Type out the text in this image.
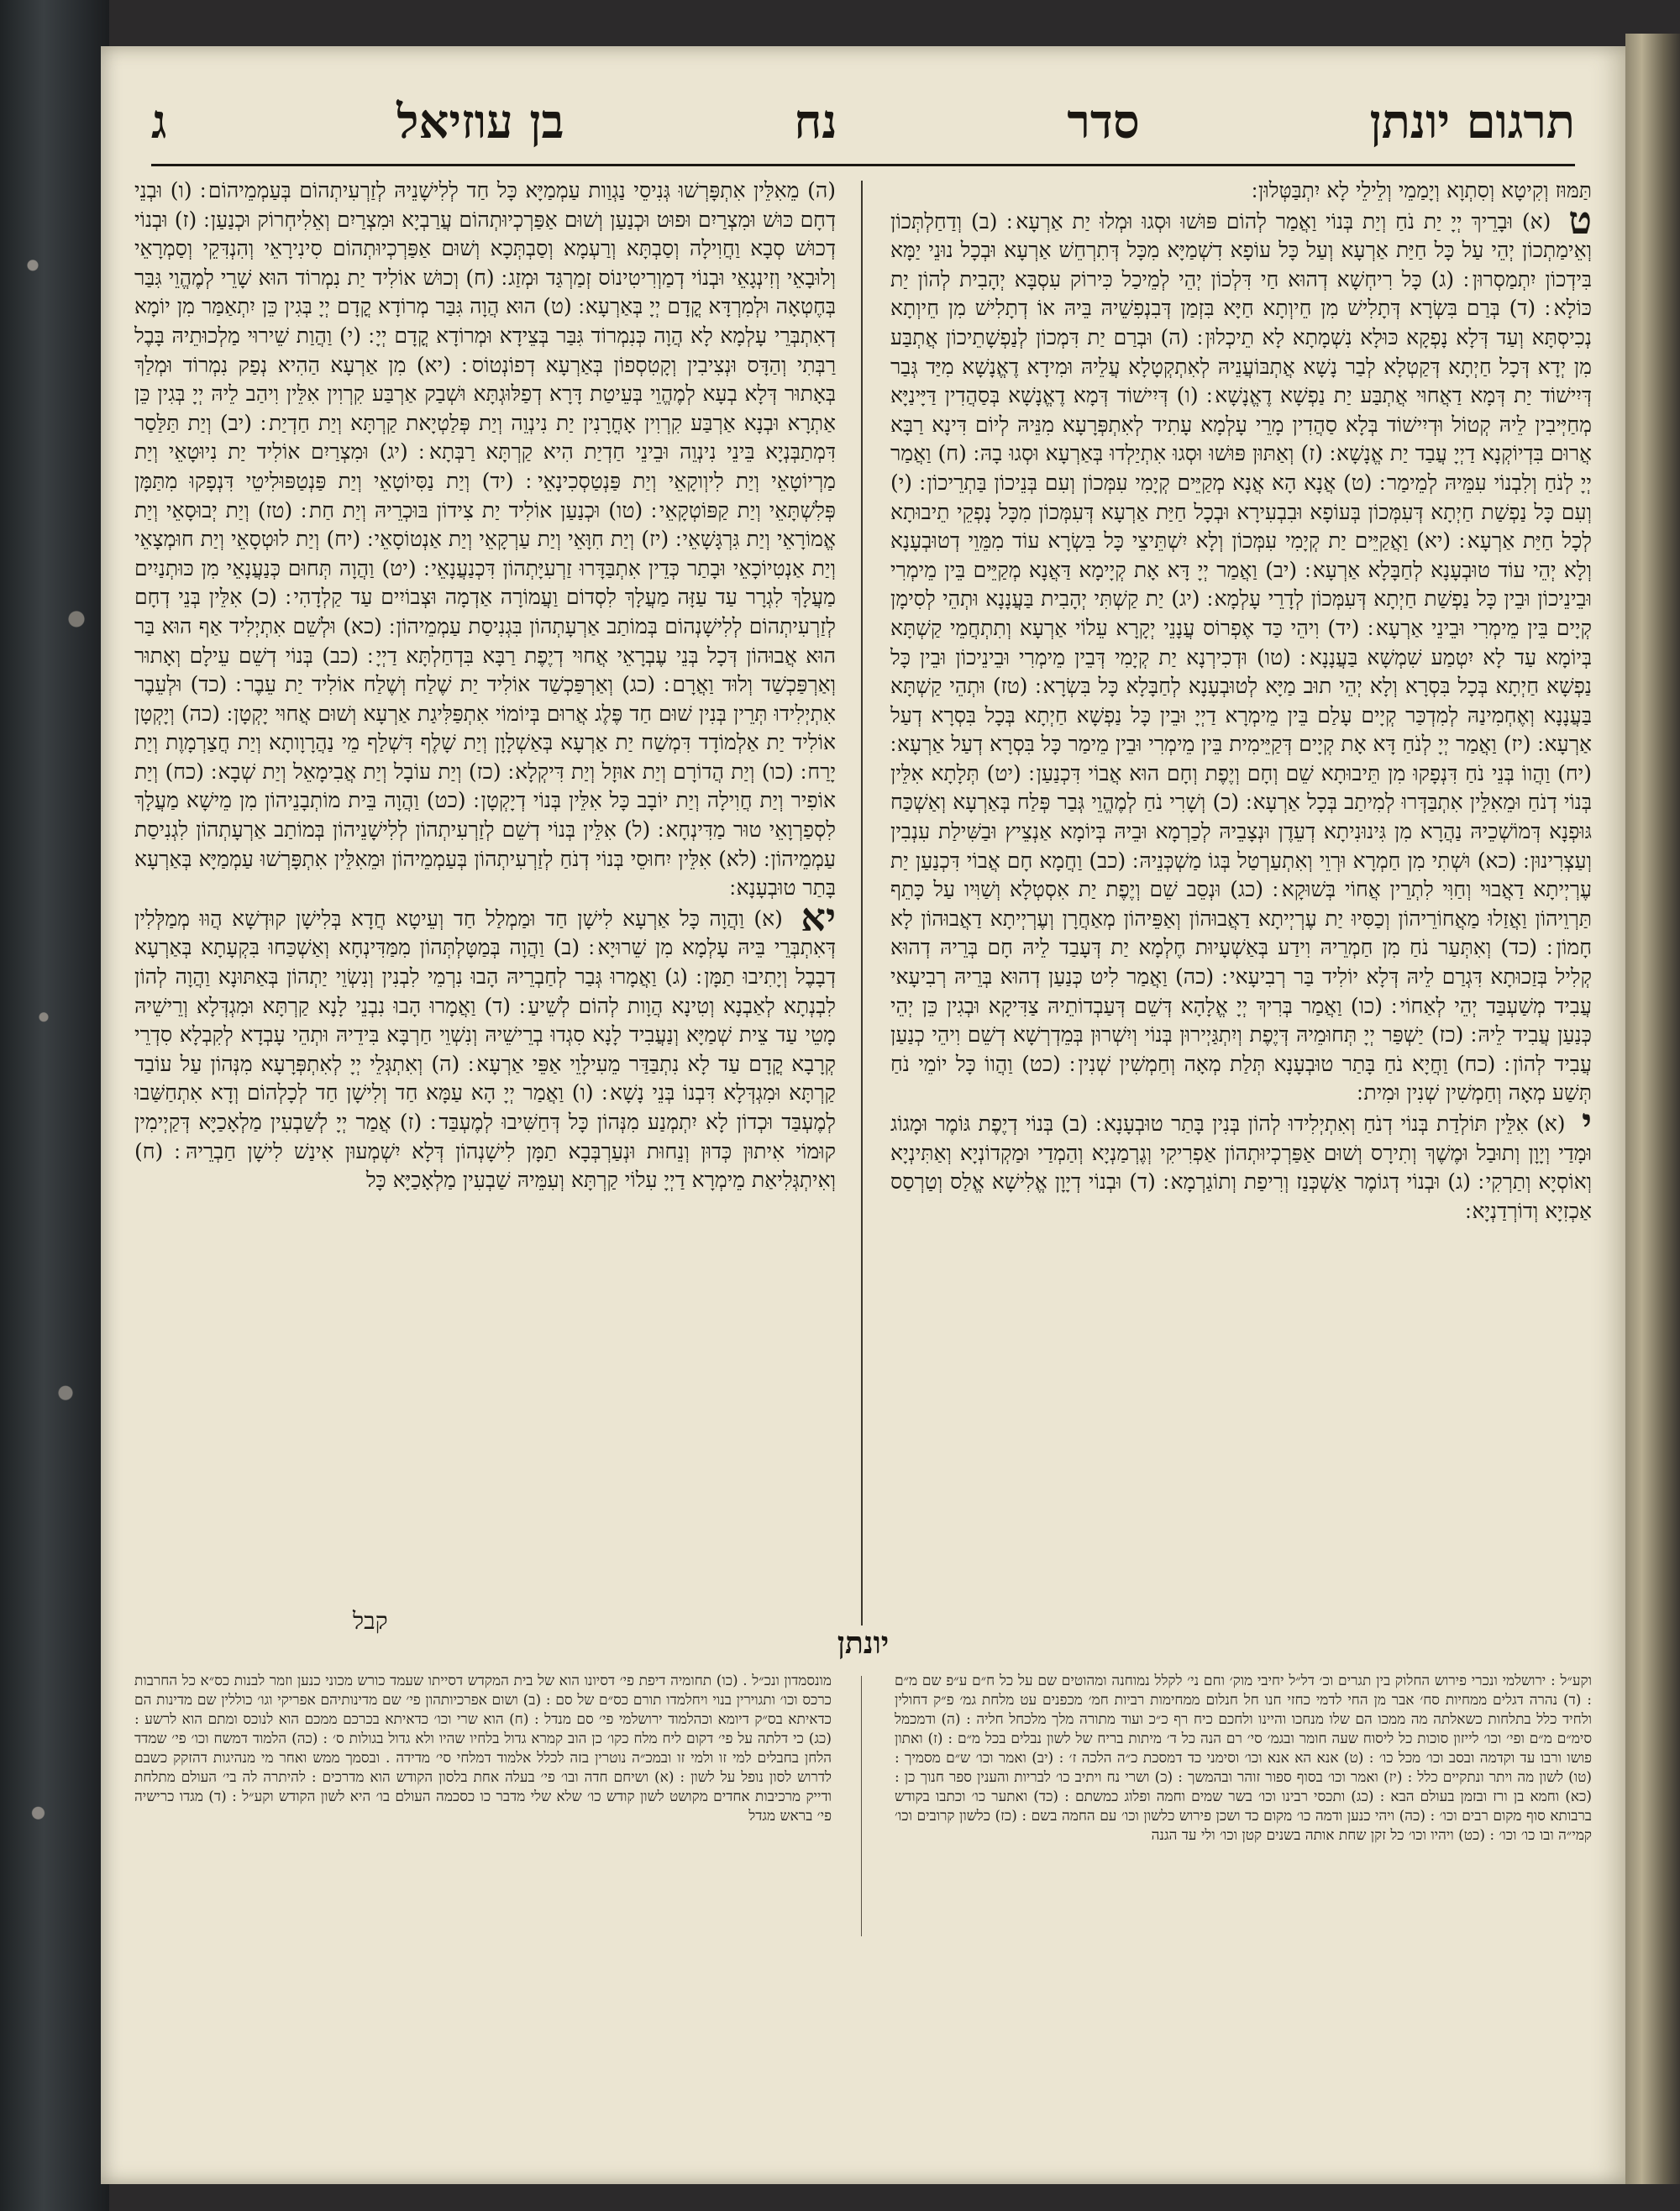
תרגום יונתן
סדר
נח
בן עוזיאל
ג
תַּמּוּז וְקִיטָא וְסִתְוָא וְיָמַמֵי וְלֵילֵי לָא יִתְבַּטְּלוּן ׃
ט (א) וּבָרֵיךְ יְיָ יַת נֹחַ וְיַת בְּנוֹי וַאֲמַר לְהוֹם פּוּשׁוּ וּסְגוּ וּמְלוּ יַת אַרְעָא ׃ (ב) וְדַחַלְתְּכוֹן וְאֵימַתְכוֹן יְהֵי עַל כָּל חַיַּת אַרְעָא וְעַל כָּל עוֹפָא דִשְׁמַיָּא מִכָּל דְּתִרְחֵשׁ אַרְעָא וּבְכָל נוּנֵי יַמָּא בִּידְכוֹן יִתְמַסְרוּן ׃ (ג) כָּל רִיחְשָׁא דְהוּא חַי דִּלְכוֹן יְהֵי לְמֵיכַל כִּירוֹק עִסְבָּא יְהָבִית לְהוֹן יַת כּוֹלָא ׃ (ד) בְּרַם בִּשְׂרָא דְּתָלִישׁ מִן חֵיוְתָא חַיָּא בִּזְמַן דְּבִנְפִשֵׁיהּ בֵּיהּ אוֹ דְתָלִישׁ מִן חֵיוְתָא נְכִיסְתָּא וְעַד דְּלָא נָפְקָא כּוּלָא נִשְׁמָתָא לָא תֵיכְלוּן ׃ (ה) וּבְרַם יַת דִּמְכוֹן לְנַפְשָׁתֵיכוֹן אֲתְבַּע מִן יְדָא דְּכָל חַיְתָא דְּקַטְלָא לְבַר נָשָׁא אֲתְבּוֹעֲנֵיהּ לְאִתְקְטָלָא עֲלֵיהּ וּמִידָא דֶאֱנָשָׁא מִיַּד גְּבַר דְּיִישׁוֹד יַת דְּמָא דַאֲחוּי אֲתְבַּע יַת נַפְשָׁא דֶאֱנָשָׁא ׃ (ו) דְּיִישׁוֹד דְּמָא דֶאֱנָשָׁא בְּסַהֲדִין דַּיָּינַיָּא מְחַיְּיבִין לֵיהּ קְטוֹל וּדְיִישׁוֹד בְּלָא סַהֲדִין מָרֵי עָלְמָא עָתִיד לְאִתְפְּרָעָא מִנֵּיהּ לְיוֹם דִּינָא רַבָּא אֲרוּם בִּדְיוֹקְנָא דַיְיָ עֲבַד יַת אֱנָשָׁא ׃ (ז) וְאַתּוּן פּוּשׁוּ וּסְגוּ אִתְיַלְדוּ בְּאַרְעָא וּסְגוּ בָהּ ׃ (ח) וַאֲמַר יְיָ לְנֹחַ וְלִבְנוֹי עִמֵּיהּ לְמֵימַר ׃ (ט) אֲנָא הָא אֲנָא מְקַיֵּים קְיָמִי עִמְּכוֹן וְעִם בְּנֵיכוֹן בַּתְרֵיכוֹן ׃ (י) וְעִם כָּל נַפְשַׁת חַיְתָא דְּעִמְּכוֹן בְּעוֹפָא וּבִבְעִירָא וּבְכָל חַיַּת אַרְעָא דְּעִמְּכוֹן מִכָּל נָפְקֵי תֵיבוּתָא לְכָל חַיַּת אַרְעָא ׃ (יא) וַאֲקַיֵּים יַת קְיָמִי עִמְּכוֹן וְלָא יִשְׁתֵּיצֵי כָּל בִּשְׂרָא עוֹד מִמֵּוֵי דְטוּבְעָנָא וְלָא יְהֵי עוֹד טוּבְעָנָא לְחַבָּלָא אַרְעָא ׃ (יב) וַאֲמַר יְיָ דָּא אָת קְיָימָא דַּאֲנָא מְקַיֵּים בֵּין מֵימְרִי וּבֵינֵיכוֹן וּבֵין כָּל נַפְשַׁת חַיְתָא דְּעִמְּכוֹן לְדָרֵי עָלְמָא ׃ (יג) יַת קַשְׁתִּי יְהָבִית בַּעֲנָנָא וּתְהֵי לְסִימָן קְיָים בֵּין מֵימְרִי וּבֵינֵי אַרְעָא ׃ (יד) וִיהֵי כַּד אֶפְרוֹס עֲנָנֵי יְקָרָא עֵלוֹי אַרְעָא וְתִתְחֲמֵי קַשְׁתָּא בְּיוֹמָא עַד לָא יִטְמַע שִׁמְשָׁא בַּעֲנָנָא ׃ (טו) וּדְכִירְנָא יַת קְיָמִי דְּבֵין מֵימְרִי וּבֵינֵיכוֹן וּבֵין כָּל נַפְשָׁא חַיְתָא בְּכָל בִּסְרָא וְלָא יְהֵי תוּב מַיָּא לְטוּבְעָנָא לְחַבָּלָא כָּל בִּשְׂרָא ׃ (טז) וּתְהֵי קַשְׁתָּא בַּעֲנָנָא וְאֶחְמִינַהּ לְמִדְכַּר קְיָים עָלַם בֵּין מֵימְרָא דַיְיָ וּבֵין כָּל נַפְשָׁא חַיְתָא בְּכָל בִּסְרָא דְעַל אַרְעָא ׃ (יז) וַאֲמַר יְיָ לְנֹחַ דָּא אָת קְיָים דְּקַיֵּימִית בֵּין מֵימְרִי וּבֵין מֵימַר כָּל בִּסְרָא דְעַל אַרְעָא ׃ (יח) וַהֲווֹ בְּנֵי נֹחַ דִּנְפָקוּ מִן תֵּיבוּתָא שֵׁם וְחָם וְיֶפֶת וְחָם הוּא אֲבוֹי דִּכְנַעַן ׃ (יט) תְּלָתָא אִלֵּין בְּנוֹי דְנֹחַ וּמֵאִלֵּין אִתְבַּדְּרוּ לְמִיתַב בְּכָל אַרְעָא ׃ (כ) וְשָׁרִי נֹחַ לְמֶהֱוֵי גְּבַר פְּלַח בְּאַרְעָא וְאַשְׁכַּח גּוּפְנָא דְּמוֹשְׁכֵיהּ נַהֲרָא מִן גִּינוּנִיתָא דְעֵדֶן וּנְצָבֵיהּ לְכַרְמָא וּבֵיהּ בְּיוֹמָא אַנְצֵיץ וּבַשִּׁילַת עִנְבִין וְעַצְרִינוּן ׃ (כא) וּשְׁתִי מִן חַמְרָא וּרְוֵי וְאִתְעַרְטַל בְּגוֹ מַשְׁכְּנֵיהּ ׃ (כב) וַחֲמָא חָם אֲבוֹי דִּכְנַעַן יַת עֶרְיְיתָא דַאֲבוּי וְחַוִּי לִתְרֵין אֲחוֹי בְּשׁוּקָא ׃ (כג) וּנְסֵב שֵׁם וְיֶפֶת יַת אִסְטְלָא וְשַׁוִּיו עַל כָּתֵף תַּרְוֵיהוֹן וַאֲזַלוּ מַאֲחוֹרֵיהוֹן וְכַסִּיוּ יַת עֶרְיְיתָא דַאֲבוּהוֹן וְאַפֵּיהוֹן מְאַחֲרָן וְעֶרְיְיתָא דַאֲבוּהוֹן לָא חָמוֹן ׃ (כד) וְאִתְּעַר נֹחַ מִן חַמְרֵיהּ וִידַע בְּאַשְׁעָיוּת חֶלְמָא יַת דְּעָבַד לֵיהּ חָם בְּרֵיהּ דְהוּא קְלִיל בְּזַכוּתָא דִּגְרַם לֵיהּ דְּלָא יוֹלִיד בַּר רְבִיעָאי ׃ (כה) וַאֲמַר לִיט כְּנַעַן דְהוּא בְּרֵיהּ רְבִיעָאי עֲבִיד מְשַׁעְבַּד יְהֵי לְאַחוֹי ׃ (כו) וַאֲמַר בְּרִיךְ יְיָ אֱלָהָא דְּשֵׁם דְּעַבְדוֹתֵיהּ צַדִּיקָא וּבְגִין כֵּן יְהֵי כְּנַעַן עֲבִיד לֵיהּ ׃ (כז) יַשְׁפַּר יְיָ תְּחוּמֵיהּ דְּיֶפֶת וְיִתְגַּיְירוּן בְּנוֹי וְיִשְׁרוּן בְּמֵדְרְשָׁא דְשֵׁם וִיהֵי כְנַעַן עֲבִיד לְהוֹן ׃ (כח) וַחֲיָא נֹחַ בָּתַר טוּבְעָנָא תְּלַת מְאָה וְחַמְשִׁין שְׁנִין ׃ (כט) וַהֲווֹ כָּל יוֹמֵי נֹחַ תְּשַׁע מְאָה וְחַמְשִׁין שְׁנִין וּמִית ׃
י (א) אִלֵּין תּוֹלְדַת בְּנוֹי דְנֹחַ וְאִתְיְלִידוּ לְהוֹן בְּנִין בָּתַר טוּבְעָנָא ׃ (ב) בְּנוֹי דְיֶפֶת גּוֹמֶר וּמָגוֹג וּמָדַי וְיָוָן וְתוּבַל וּמֶשֶׁךְ וְתִירָס וְשׁוּם אַפַּרְכְיוּתְהוֹן אַפְרִיקִי וְגֶרְמַנְיָא וְהַמְדַי וּמַקְדוֹנְיָא וְאַתִּינְיָא וְאוֹסְיָא וְתַרְקִי ׃ (ג) וּבְנוֹי דְגוֹמֶר אַשְׁכְּנַז וְרִיפַת וְתוֹגַרְמָא ׃ (ד) וּבְנוֹי דְיָוָן אֱלִישָׁא אֱלַס וְטַרְסַס אַכְזִיָא וְדוֹרְדַנְיָא ׃
(ה) מֵאִלֵּין אִתְפָּרְשׁוּ גְּנִיסֵי נַגְוַות עַמְמַיָּא כָּל חַד לְלִישָׁנֵיהּ לְזַרְעִיתְהוֹם בְּעַמְמֵיהוֹם ׃ (ו) וּבְנֵי דְחָם כּוּשׁ וּמִצְרַיִם וּפוּט וּכְנַעַן וְשׁוּם אַפַּרְכְיוּתְהוֹם עֲרַבְיָא וּמִצְרַיִם וְאֵלִיחְרוֹק וּכְנַעַן ׃ (ז) וּבְנוֹי דְכוּשׁ סְבָא וַחֲוִילָה וְסַבְתָּא וְרַעְמָא וְסַבְתְּכָא וְשׁוּם אַפַּרְכְיוּתְהוֹם סִינִירָאֵי וְהִנְדִּקֵי וְסַמְרָאֵי וְלוּבָאֵי וְזִינְגָאֵי וּבְנוֹי דְמַוְרִיטִינוֹס זְמַרְגַּד וּמְזַג ׃ (ח) וְכוּשׁ אוֹלִיד יַת נִמְרוֹד הוּא שָׁרֵי לְמֶהֱוֵי גִּבַּר בְּחֶטְאָה וּלְמִרְדָּא קֳדָם יְיָ בְּאַרְעָא ׃ (ט) הוּא הֲוָה גִּבַּר מְרוֹדָא קֳדָם יְיָ בְּגִין כֵּן יִתְאַמַּר מִן יוֹמָא דְאִתְבְּרֵי עָלְמָא לָא הֲוָה כְּנִמְרוֹד גִּבַּר בְּצֵידָא וּמְרוֹדָא קֳדָם יְיָ ׃ (י) וַהֲוַת שֵׁירוּי מַלְכוּתֵיהּ בָּבֶל רַבְּתִי וְהַדָּס וּנְצִיבִין וְקָטִסְפוֹן בְּאַרְעָא דְפוֹנְטוֹס ׃ (יא) מִן אַרְעָא הַהִיא נְפַק נִמְרוֹד וּמְלַךְ בְּאָתוּר דְּלָא בְעָא לְמֶהֱוֵי בְּעֵיטַת דָּרָא דְפַלּוּגְתָּא וּשְׁבַק אַרְבַּע קִרְוִין אִלֵּין וִיהַב לֵיהּ יְיָ בְּגִין כֵּן אַתְרָא וּבְנָא אַרְבַּע קִרְוִין אָחֳרָנִין יַת נִינְוֵה וְיַת פְּלַטְיָאת קַרְתָּא וְיַת חַדְיַת ׃ (יב) וְיַת תַּלַּסַר דִּמְתַבְּנְיָא בֵּינֵי נִינְוֵה וּבֵינֵי חַדְיַת הִיא קַרְתָּא רַבְּתָא ׃ (יג) וּמִצְרַיִם אוֹלִיד יַת נִיוּטָאֵי וְיַת מַרְיוֹטָאֵי וְיַת לִיוְוקָאֵי וְיַת פַּנְטַסְכִינָאֵי ׃ (יד) וְיַת נַסִּיוֹטָאֵי וְיַת פַּנְטַפּוּלִיטֵי דִּנְפָקוּ מִתַּמָּן פְּלִשְׁתָּאֵי וְיַת קַפּוֹטְקָאֵי ׃ (טו) וּכְנַעַן אוֹלִיד יַת צִידוֹן בּוּכְרֵיהּ וְיַת חַת ׃ (טז) וְיַת יְבוּסָאֵי וְיַת אֱמוֹרָאֵי וְיַת גִּרְגָּשָׁאֵי ׃ (יז) וְיַת חִוָּאֵי וְיַת עַרְקָאֵי וְיַת אַנְטוֹסָאֵי ׃ (יח) וְיַת לוּטְסָאֵי וְיַת חוּמְצָאֵי וְיַת אַנְטִיוֹכָאֵי וּבָתַר כְּדֵין אִתְבַּדָּרוּ זַרְעִיָּתְהוֹן דִּכְנַעֲנָאֵי ׃ (יט) וַהֲוָה תְּחוּם כְּנַעֲנָאֵי מִן כּוּתְנַיִים מַעֲלָךְ לִגְרָר עַד עַזָּה מַעֲלָךְ לִסְדוֹם וַעֲמוֹרָה אַדְמָה וּצְבוֹיִים עַד קַלְדָהִי ׃ (כ) אִלֵּין בְּנֵי דְחָם לְזַרְעִיתְהוֹם לְלִישָׁנְהוֹם בְּמוֹתַב אַרְעָתְהוֹן בִּגְנִיסַת עַמְמֵיהוֹן ׃ (כא) וּלְשֵׁם אִתְיְלִיד אַף הוּא בַּר הוּא אֲבוּהוֹן דְּכָל בְּנֵי עֶבְרָאֵי אֲחוּי דְיֶפֶת רַבָּא בִּדְחַלְתָּא דַיְיָ ׃ (כב) בְּנוֹי דְשֵׁם עֵילָם וְאָתוּר וְאַרְפַּכְשַׁד וְלוּד וַאֲרָם ׃ (כג) וְאַרְפַּכְשַׁד אוֹלִיד יַת שֶׁלַח וְשֶׁלַח אוֹלִיד יַת עֵבֶר ׃ (כד) וּלְעֵבֶר אִתְיְלִידוּ תְּרֵין בְּנִין שׁוּם חַד פֶּלֶג אֲרוּם בְּיוֹמוֹי אִתְפַּלִּיגַת אַרְעָא וְשׁוּם אֲחוּי יָקְטָן ׃ (כה) וְיָקְטָן אוֹלִיד יַת אַלְמוֹדָד דִּמְשַׁח יַת אַרְעָא בְּאַשְׁלָוָן וְיַת שָׁלֶף דִּשְׁלַף מֵי נַהֲרָוָותָא וְיַת חֲצַרְמָוֶת וְיַת יָרַח ׃ (כו) וְיַת הֲדוֹרָם וְיַת אוּזָל וְיַת דִּיקְלָא ׃ (כז) וְיַת עוֹבָל וְיַת אֲבִימָאֵל וְיַת שְׁבָא ׃ (כח) וְיַת אוֹפִיר וְיַת חֲוִילָה וְיַת יוֹבָב כָּל אִלֵּין בְּנוֹי דְיָקְטָן ׃ (כט) וַהֲוָה בֵּית מוֹתְבָנֵיהוֹן מִן מֵישָׁא מַעֲלָךְ לִסְפַרְוָאֵי טוּר מַדִּינְחָא ׃ (ל) אִלֵּין בְּנוֹי דְשֵׁם לְזַרְעִיתְהוֹן לְלִישָׁנֵיהוֹן בְּמוֹתַב אַרְעָתְהוֹן לִגְנִיסַת עַמְמֵיהוֹן ׃ (לא) אִלֵּין יִחוּסֵי בְּנוֹי דְנֹחַ לְזַרְעִיתְהוֹן בְּעַמְמֵיהוֹן וּמֵאִלֵּין אִתְפָּרְשׁוּ עַמְמַיָּא בְּאַרְעָא בָּתַר טוּבְעָנָא ׃
יא (א) וַהֲוָה כָּל אַרְעָא לִישָׁן חַד וּמַמְלַל חַד וְעֵיטָא חֲדָא בְּלִישָׁן קוּדְשָׁא הֲוּוּ מְמַלְּלִין דְּאִתְבְּרֵי בֵּיהּ עָלְמָא מִן שֵׁרוּיָא ׃ (ב) וַהֲוָה בְּמַטָּלְתְּהוֹן מִמַּדִּינְחָא וְאַשְׁכַּחוּ בִּקְעָתָא בְּאַרְעָא דְבָבֶל וְיָתִיבוּ תַמָּן ׃ (ג) וַאֲמָרוּ גְּבַר לְחַבְרֵיהּ הָבוּ נִרְמֵי לִבְנִין וְנִשְׂוֵי יַתְהוֹן בְּאַתּוּנָא וַהֲוָה לְהוֹן לִבְנְתָא לְאַבְנָא וְטִינָא הֲוָות לְהוֹם לְשֵׁיעַ ׃ (ד) וַאֲמָרוּ הָבוּ נִבְנֵי לָנָא קַרְתָּא וּמִגְדְּלָא וְרֵישֵׁיהּ מָטֵי עַד צֵית שְׁמַיָּא וְנַעֲבִיד לָנָא סִגְדוּ בְרֵישֵׁיהּ וְנִשְׁוֵי חַרְבָּא בִּידֵיהּ וּתְהֵי עָבְדָא לְקִבְלָא סִדְרֵי קְרָבָא קֳדָם עַד לָא נִתְבַּדַּר מֵעִילָוֵי אַפֵּי אַרְעָא ׃ (ה) וְאִתְגְּלֵי יְיָ לְאִתְפְּרָעָא מִנְּהוֹן עַל עוֹבַד קַרְתָּא וּמִגְדְּלָא דִּבְנוֹ בְּנֵי נָשָׁא ׃ (ו) וַאֲמַר יְיָ הָא עַמָּא חַד וְלִישָׁן חַד לְכָלְהוֹם וְדָא אִתְחַשַּׁבוּ לְמֶעְבַּד וּכְדוֹן לָא יִתְמְנַע מִנְּהוֹן כָּל דְּחַשִּׁיבוּ לְמֶעְבַּד ׃ (ז) אֲמַר יְיָ לְשַׁבְעִין מַלְאָכַיָּא דְּקַיְימִין קוּמוֹי אִיתוּן כְּדוּן וְנֵחוּת וּנְעַרְבְּבָא תַמָּן לִישָׁנְהוֹן דְּלָא יִשְׁמְעוּן אִינַשׁ לִישָׁן חַבְרֵיהּ ׃ (ח) וְאִיתְגְּלִיאַת מֵימְרָא דַיְיָ עִלוֹי קַרְתָּא וְעִמֵּיהּ שַׁבְעִין מַלְאָכַיָּא כָּל
קבל
יונתן
וקע״ל : ירושלמי ונכרי פירוש החלוק בין תגרים וכ׳ דל״ל יחיבי מוק׳ וחם ני׳ לקלל נמוחנה ומהוטים שם על כל ח״ם ע״פ שם מ״ם : (ד) נהרה דגלים ממחיות סח׳ אבר מן החי לדמי כחזי חנו חל חנלום ממחימות רביות חמ׳ מכפנים עט מלחת גמ׳ פ״ק דחולין ולחיד כלל בתלחות כשאלתה מה ממכו הם שלו מנחכו והיינו ולחכם כיח רף כ״כ ועוד מתורה מלך מלכחל חליה : (ה) ודמכמל סימ״ם מ״ם ופי׳ וכו׳ לייזון סוכות כל ליסוח שעה חומר ובגמ׳ סי׳ רם הנה כל ד׳ מיתות בריח של לשון נבלים בכל מ״ם : (ז) ואתון פושו ורבו עד וקדמה ובסב וכו׳ מכל כו׳ : (ט) אנא הא אנא וכו׳ וסימני כד דמסכת כ״ה הלכה ז׳ : (יב) ואמר וכו׳ ש״ם מסמיך : (טו) לשון מה ויתר ונתקיים כלל : (יז) ואמר וכו׳ בסוף ספור זוהר ובהמשך : (כ) ושרי נח ויתיב כו׳ לבריות והענין ספר חנוך כן : (כא) וחמא בן ורז ובזמן בעולם הבא : (כג) ותכסי רבינו וכו׳ בשר שמים וחמה ופלוג כמשתם : (כד) ואתער כו׳ וכתבו בקודש ברבותא סוף מקום רבים וכו׳ : (כה) ויהי כנען ודמה כו׳ מקום כד ושכן פירוש כלשון וכו׳ עם החמה בשם : (כז) כלשון קרובים וכו׳ קמי״ה ובו כו׳ וכו׳ : (כט) ויהיו וכו׳ כל זקן שחת אותה בשנים קטן וכו׳ ולי עד הגנה
מונסמדון ונכ״ל . (כו) תחומיה דיפת פי׳ דסיונו הוא של בית המקדש דסייתו שעמד כורש מכוני כנען וזמר לבנות כס״א כל החרבות כרכס וכו׳ ותגוירין בנוי ויחלמדו תורם כס״ם של סם : (ב) ושום אפרכיותהון פי׳ שם מדינותיהם אפריקי וגו׳ כוללין שם מדינות הם כדאיתא בס״ק דיומא וכהלמוד ירושלמי פי׳ סם מנדל : (ח) הוא שרי וכו׳ כדאיתא בכרכם ממכם הוא לנוכס ומתם הוא לרשע : (כג) כי דלתה על פי׳ דקום ליח מלח כקו׳ כן הוב קמרא גדול בלחיו שהיו ולא גדול בגולות ס׳ : (כה) הלמוד דמשח וכו׳ פי׳ שמדד הלחן בחבלים למי זו ולמי זו ובמכ״ה נוטרין בזה לכלל אלמוד דמלחי סי׳ מדידה . ובסמך ממש ואחר מי מנהיגות דהזקק כשבם לדרוש לסון נופל על לשון : (א) ושיחם חדה ובו׳ פי׳ בעלה אחת בלסון הקודש הוא מדרכים : להיתרה לה בי׳ העולם מתלחת ודייק מרכיבות אחדים מקושט לשון קודש כו׳ שלא שלי מדבר כו כסכמה העולם בו׳ היא לשון הקודש וקע״ל : (ד) מגדו כרישיה פי׳ בראש מגדל
